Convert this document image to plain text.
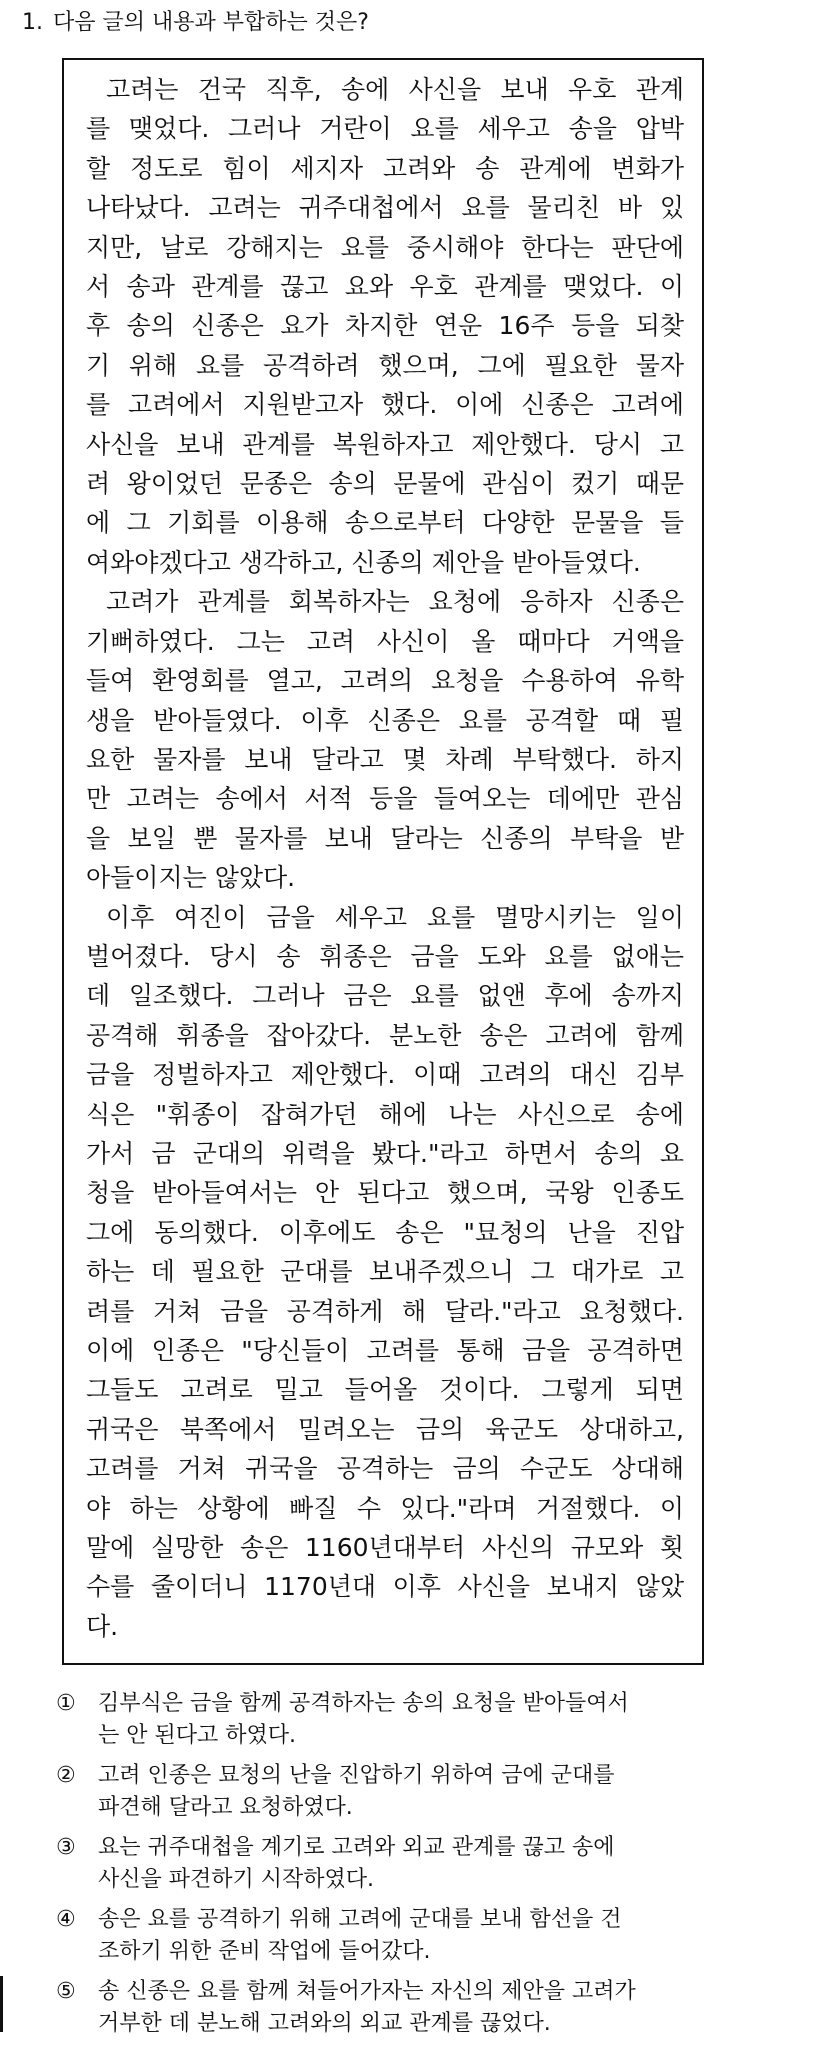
1. 다음 글의 내용과 부합하는 것은?
고려는 건국 직후, 송에 사신을 보내 우호 관계
를 맺었다. 그러나 거란이 요를 세우고 송을 압박
할 정도로 힘이 세지자 고려와 송 관계에 변화가
나타났다. 고려는 귀주대첩에서 요를 물리친 바 있
지만, 날로 강해지는 요를 중시해야 한다는 판단에
서 송과 관계를 끊고 요와 우호 관계를 맺었다. 이
후 송의 신종은 요가 차지한 연운 16주 등을 되찾
기 위해 요를 공격하려 했으며, 그에 필요한 물자
를 고려에서 지원받고자 했다. 이에 신종은 고려에
사신을 보내 관계를 복원하자고 제안했다. 당시 고
려 왕이었던 문종은 송의 문물에 관심이 컸기 때문
에 그 기회를 이용해 송으로부터 다양한 문물을 들
여와야겠다고 생각하고, 신종의 제안을 받아들였다.
고려가 관계를 회복하자는 요청에 응하자 신종은
기뻐하였다. 그는 고려 사신이 올 때마다 거액을
들여 환영회를 열고, 고려의 요청을 수용하여 유학
생을 받아들였다. 이후 신종은 요를 공격할 때 필
요한 물자를 보내 달라고 몇 차례 부탁했다. 하지
만 고려는 송에서 서적 등을 들여오는 데에만 관심
을 보일 뿐 물자를 보내 달라는 신종의 부탁을 받
아들이지는 않았다.
이후 여진이 금을 세우고 요를 멸망시키는 일이
벌어졌다. 당시 송 휘종은 금을 도와 요를 없애는
데 일조했다. 그러나 금은 요를 없앤 후에 송까지
공격해 휘종을 잡아갔다. 분노한 송은 고려에 함께
금을 정벌하자고 제안했다. 이때 고려의 대신 김부
식은 "휘종이 잡혀가던 해에 나는 사신으로 송에
가서 금 군대의 위력을 봤다."라고 하면서 송의 요
청을 받아들여서는 안 된다고 했으며, 국왕 인종도
그에 동의했다. 이후에도 송은 "묘청의 난을 진압
하는 데 필요한 군대를 보내주겠으니 그 대가로 고
려를 거쳐 금을 공격하게 해 달라."라고 요청했다.
이에 인종은 "당신들이 고려를 통해 금을 공격하면
그들도 고려로 밀고 들어올 것이다. 그렇게 되면
귀국은 북쪽에서 밀려오는 금의 육군도 상대하고,
고려를 거쳐 귀국을 공격하는 금의 수군도 상대해
야 하는 상황에 빠질 수 있다."라며 거절했다. 이
말에 실망한 송은 1160년대부터 사신의 규모와 횟
수를 줄이더니 1170년대 이후 사신을 보내지 않았
다.
① 김부식은 금을 함께 공격하자는 송의 요청을 받아들여서
는 안 된다고 하였다.
② 고려 인종은 묘청의 난을 진압하기 위하여 금에 군대를
파견해 달라고 요청하였다.
③ 요는 귀주대첩을 계기로 고려와 외교 관계를 끊고 송에
사신을 파견하기 시작하였다.
④ 송은 요를 공격하기 위해 고려에 군대를 보내 함선을 건
조하기 위한 준비 작업에 들어갔다.
⑤ 송 신종은 요를 함께 쳐들어가자는 자신의 제안을 고려가
거부한 데 분노해 고려와의 외교 관계를 끊었다.
